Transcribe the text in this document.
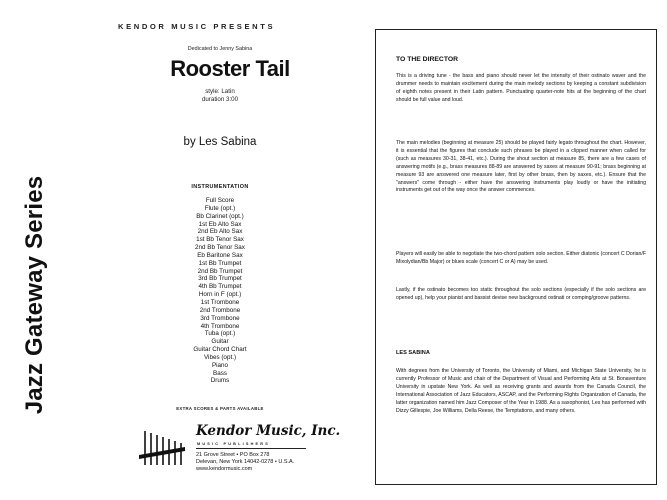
KENDOR MUSIC PRESENTS
Dedicated to Jenny Sabina
Rooster Tail
style: Latin
duration 3:00
by Les Sabina
Jazz Gateway Series	INSTRUMENTATION
Full Score
Flute (opt.)
Bb Clarinet (opt.)
1st Eb Alto Sax
2nd Eb Alto Sax
1st Bb Tenor Sax
2nd Bb Tenor Sax
Eb Baritone Sax
1st Bb Trumpet
2nd Bb Trumpet
3rd Bb Trumpet
4th Bb Trumpet
Horn in F (opt.)
1st Trombone
2nd Trombone
3rd Trombone
4th Trombone
Tuba (opt.)
Guitar
Guitar Chord Chart
Vibes (opt.)
Piano
Bass
Drums
EXTRA SCORES & PARTS AVAILABLE
Kendor Music, Inc.
MUSIC PUBLISHERS
21 Grove Street • PO Box 278
Delevan, New York 14042-0278 • U.S.A.
www.kendormusic.com
TO THE DIRECTOR

This is a driving tune - the bass and piano should never let the intensity of their ostinato waver and the drummer needs to maintain excitement during the main melody sections by keeping a constant subdivision of eighth notes present in their Latin pattern. Punctuating quarter-note hits at the beginning of the chart should be full value and loud.

The main melodies (beginning at measure 25) should be played fairly legato throughout the chart. However, it is essential that the figures that conclude such phrases be played in a clipped manner when called for (such as measures 30-31, 38-41, etc.). During the shout section at measure 85, there are a few cases of answering motifs (e.g., brass measures 88-89 are answered by saxes at measure 90-91; brass beginning at measure 93 are answered one measure later, first by other brass, then by saxes, etc.). Ensure that the "answers" come through - either have the answering instruments play loudly or have the initiating instruments get out of the way once the answer commences.

Players will easily be able to negotiate the two-chord pattern solo section. Either diatonic (concert C Dorian/F Mixolydian/Bb Major) or blues scale (concert C or A) may be used.

Lastly, if the ostinato becomes too static throughout the solo sections (especially if the solo sections are opened up), help your pianist and bassist devise new background ostinati or comping/groove patterns.

LES SABINA

With degrees from the University of Toronto, the University of Miami, and Michigan State University, he is currently Professor of Music and chair of the Department of Visual and Performing Arts at St. Bonaventure University in upstate New York. As well as receiving grants and awards from the Canada Council, the International Association of Jazz Educators, ASCAP, and the Performing Rights Organization of Canada, the latter organization named him Jazz Composer of the Year in 1988. As a saxophonist, Les has performed with Dizzy Gillespie, Joe Williams, Della Reese, the Temptations, and many others.
